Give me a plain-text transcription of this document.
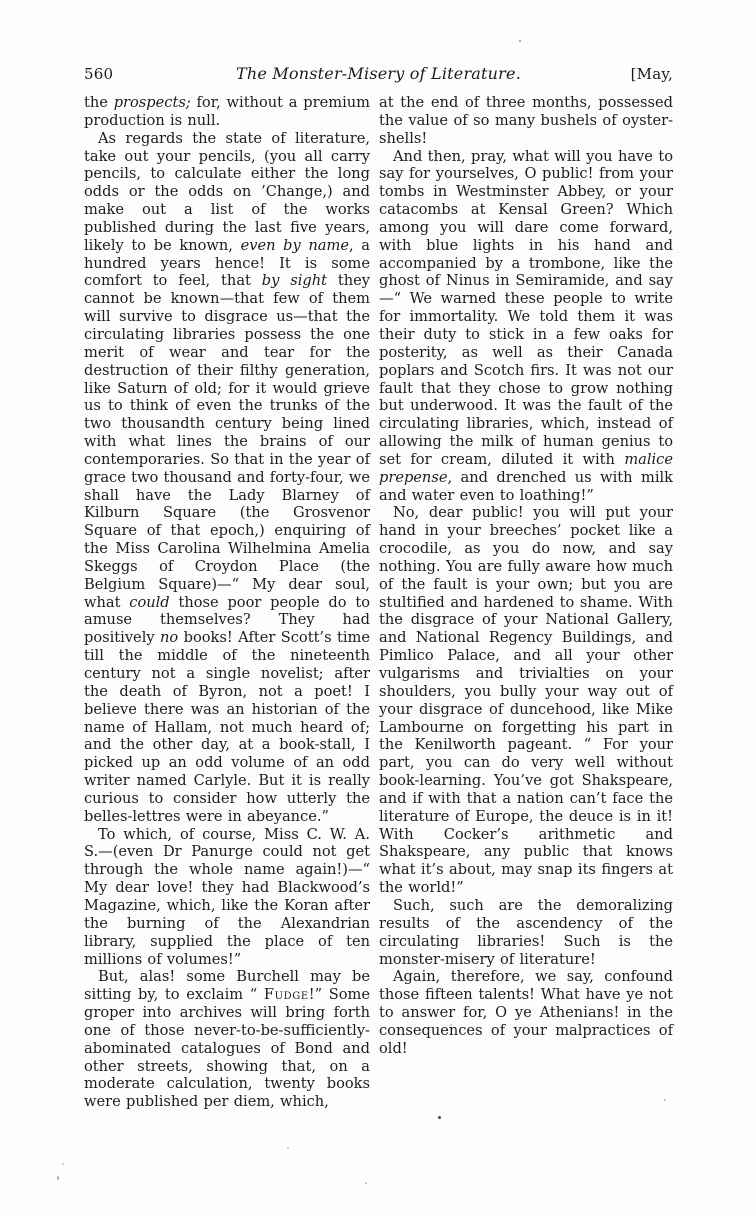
560	The Monster-Misery of Literature.	[May,

the prospects; for, without a premium production is null.

As regards the state of literature, take out your pencils, (you all carry pencils, to calculate either the long odds or the odds on ’Change,) and make out a list of the works published during the last five years, likely to be known, even by name, a hundred years hence! It is some comfort to feel, that by sight they cannot be known—that few of them will survive to disgrace us—that the circulating libraries possess the one merit of wear and tear for the destruction of their filthy generation, like Saturn of old; for it would grieve us to think of even the trunks of the two thousandth century being lined with what lines the brains of our contemporaries. So that in the year of grace two thousand and forty-four, we shall have the Lady Blarney of Kilburn Square (the Grosvenor Square of that epoch,) enquiring of the Miss Carolina Wilhelmina Amelia Skeggs of Croydon Place (the Belgium Square)—“ My dear soul, what could those poor people do to amuse themselves? They had positively no books! After Scott’s time till the middle of the nineteenth century not a single novelist; after the death of Byron, not a poet! I believe there was an historian of the name of Hallam, not much heard of; and the other day, at a book-stall, I picked up an odd volume of an odd writer named Carlyle. But it is really curious to consider how utterly the belles-lettres were in abeyance.”

To which, of course, Miss C. W. A. S.—(even Dr Panurge could not get through the whole name again!)—“ My dear love! they had Blackwood’s Magazine, which, like the Koran after the burning of the Alexandrian library, supplied the place of ten millions of volumes!”

But, alas! some Burchell may be sitting by, to exclaim “ Fudge!” Some groper into archives will bring forth one of those never-to-be-sufficiently-abominated catalogues of Bond and other streets, showing that, on a moderate calculation, twenty books were published per diem, which,

at the end of three months, possessed the value of so many bushels of oyster-shells!

And then, pray, what will you have to say for yourselves, O public! from your tombs in Westminster Abbey, or your catacombs at Kensal Green? Which among you will dare come forward, with blue lights in his hand and accompanied by a trombone, like the ghost of Ninus in Semiramide, and say—“ We warned these people to write for immortality. We told them it was their duty to stick in a few oaks for posterity, as well as their Canada poplars and Scotch firs. It was not our fault that they chose to grow nothing but underwood. It was the fault of the circulating libraries, which, instead of allowing the milk of human genius to set for cream, diluted it with malice prepense, and drenched us with milk and water even to loathing!”

No, dear public! you will put your hand in your breeches’ pocket like a crocodile, as you do now, and say nothing. You are fully aware how much of the fault is your own; but you are stultified and hardened to shame. With the disgrace of your National Gallery, and National Regency Buildings, and Pimlico Palace, and all your other vulgarisms and trivialties on your shoulders, you bully your way out of your disgrace of duncehood, like Mike Lambourne on forgetting his part in the Kenilworth pageant. “ For your part, you can do very well without book-learning. You’ve got Shakspeare, and if with that a nation can’t face the literature of Europe, the deuce is in it! With Cocker’s arithmetic and Shakspeare, any public that knows what it’s about, may snap its fingers at the world!”

Such, such are the demoralizing results of the ascendency of the circulating libraries! Such is the monster-misery of literature!

Again, therefore, we say, confound those fifteen talents! What have ye not to answer for, O ye Athenians! in the consequences of your malpractices of old!
